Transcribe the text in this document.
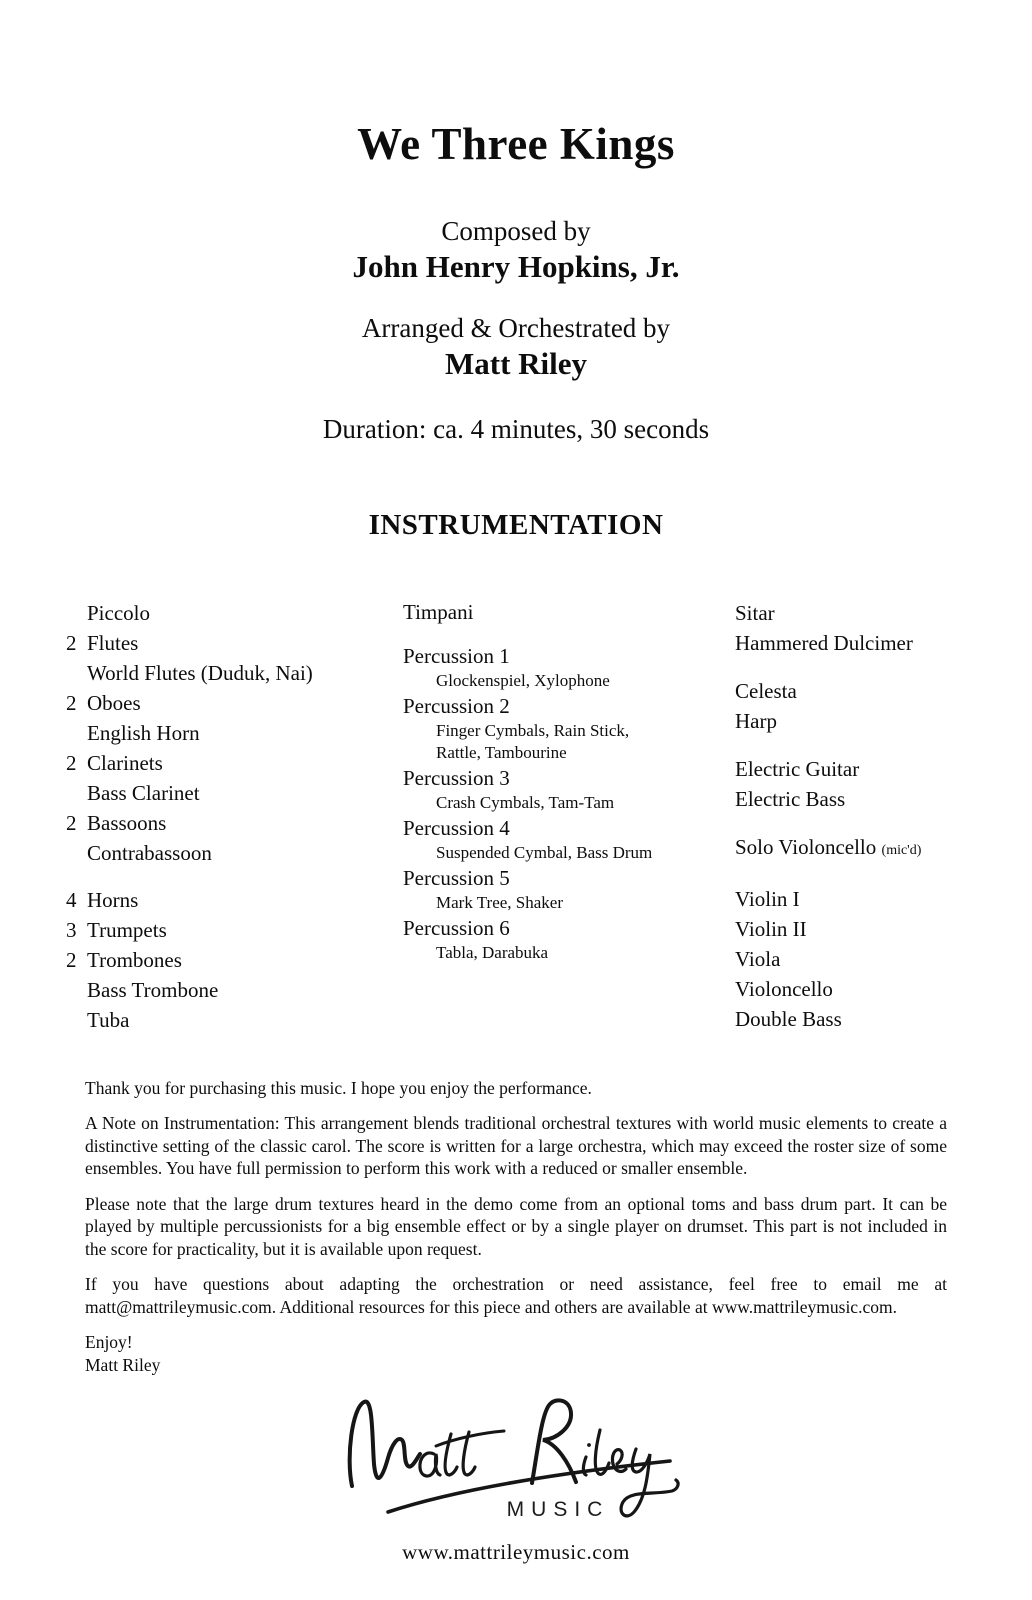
We Three Kings
Composed by
John Henry Hopkins, Jr.
Arranged & Orchestrated by
Matt Riley
Duration: ca. 4 minutes, 30 seconds
INSTRUMENTATION
Piccolo
2 Flutes
World Flutes (Duduk, Nai)
2 Oboes
English Horn
2 Clarinets
Bass Clarinet
2 Bassoons
Contrabassoon
4 Horns
3 Trumpets
2 Trombones
Bass Trombone
Tuba
Timpani
Percussion 1
Glockenspiel, Xylophone
Percussion 2
Finger Cymbals, Rain Stick,
Rattle, Tambourine
Percussion 3
Crash Cymbals, Tam-Tam
Percussion 4
Suspended Cymbal, Bass Drum
Percussion 5
Mark Tree, Shaker
Percussion 6
Tabla, Darabuka
Sitar
Hammered Dulcimer
Celesta
Harp
Electric Guitar
Electric Bass
Solo Violoncello (mic'd)
Violin I
Violin II
Viola
Violoncello
Double Bass

Thank you for purchasing this music. I hope you enjoy the performance.

A Note on Instrumentation: This arrangement blends traditional orchestral textures with world music elements to create a distinctive setting of the classic carol. The score is written for a large orchestra, which may exceed the roster size of some ensembles. You have full permission to perform this work with a reduced or smaller ensemble.

Please note that the large drum textures heard in the demo come from an optional toms and bass drum part. It can be played by multiple percussionists for a big ensemble effect or by a single player on drumset. This part is not included in the score for practicality, but it is available upon request.

If you have questions about adapting the orchestration or need assistance, feel free to email me at matt@mattrileymusic.com. Additional resources for this piece and others are available at www.mattrileymusic.com.

Enjoy!
Matt Riley
MUSIC
www.mattrileymusic.com
